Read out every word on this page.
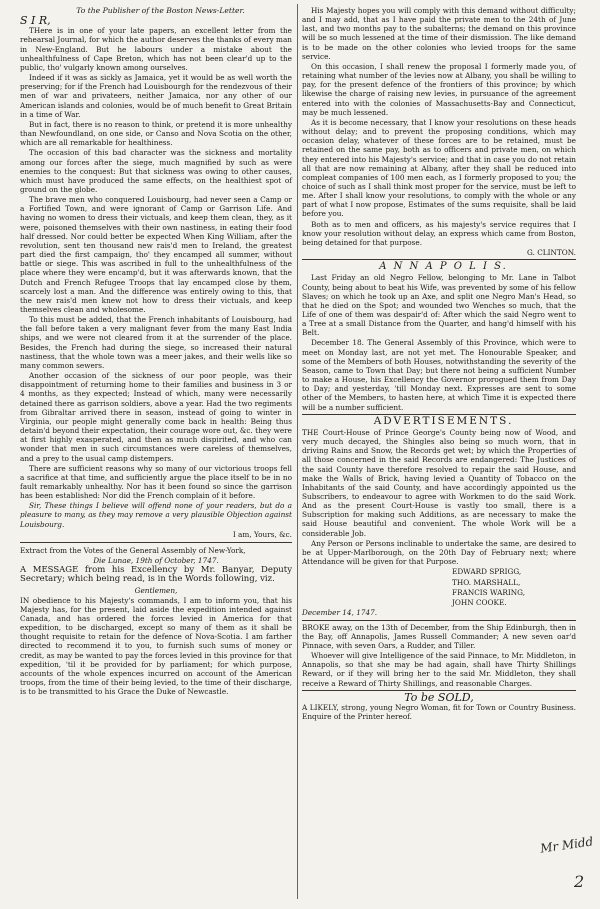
To the Publisher of the Boston News-Letter.

S I R,

THere is in one of your late papers, an excellent letter from the rehearsal Journal, for which the author deserves the thanks of every man in New-England. But he labours under a mistake about the unhealthfulness of Cape Breton, which has not been clear'd up to the public, tho' vulgarly known among ourselves.

Indeed if it was as sickly as Jamaica, yet it would be as well worth the preserving; for if the French had Louisbourgh for the rendezvous of their men of war and privateers, neither Jamaica, nor any other of our American islands and colonies, would be of much benefit to Great Britain in a time of War.

But in fact, there is no reason to think, or pretend it is more unhealthy than Newfoundland, on one side, or Canso and Nova Scotia on the other, which are all remarkable for healthiness.

The occasion of this bad character was the sickness and mortality among our forces after the siege, much magnified by such as were enemies to the conquest: But that sickness was owing to other causes, which must have produced the same effects, on the healthiest spot of ground on the globe.

The brave men who conquered Louisbourg, had never seen a Camp or a Fortified Town, and were ignorant of Camp or Garrison Life. And having no women to dress their victuals, and keep them clean, they, as it were, poisoned themselves with their own nastiness, in eating their food half dressed. Nor could better be expected When King William, after the revolution, sent ten thousand new rais'd men to Ireland, the greatest part died the first campaign, tho' they encamped all summer, without battle or siege. This was ascribed in full to the unhealthfulness of the place where they were encamp'd, but it was afterwards known, that the Dutch and French Refugee Troops that lay encamped close by them, scarcely lost a man. And the difference was entirely owing to this, that the new rais'd men knew not how to dress their victuals, and keep themselves clean and wholesome.

To this must be added, that the French inhabitants of Louisbourg, had the fall before taken a very malignant fever from the many East India ships, and we were not cleared from it at the surrender of the place. Besides, the French had during the siege, so increased their natural nastiness, that the whole town was a meer jakes, and their wells like so many common sewers.

Another occasion of the sickness of our poor people, was their disappointment of returning home to their families and business in 3 or 4 months, as they expected; Instead of which, many were necessarily detained there as garrison soldiers, above a year. Had the two regiments from Gibraltar arrived there in season, instead of going to winter in Virginia, our people might generally come back in health: Being thus detain'd beyond their expectation, their courage wore out, &c. they were at first highly exasperated, and then as much dispirited, and who can wonder that men in such circumstances were careless of themselves, and a prey to the usual camp distempers.

There are sufficient reasons why so many of our victorious troops fell a sacrifice at that time, and sufficiently argue the place itself to be in no fault remarkably unhealthy. Nor has it been found so since the garrison has been established: Nor did the French complain of it before.

Sir, These things I believe will offend none of your readers, but do a pleasure to many, as they may remove a very plausible Objection against Louisbourg.

I am, Yours, &c.

Extract from the Votes of the General Assembly of New-York,

Die Lunae, 19th of October, 1747.

A MESSAGE from his Excellency by Mr. Banyar, Deputy Secretary; which being read, is in the Words following, viz.

Gentlemen,

IN obedience to his Majesty's commands, I am to inform you, that his Majesty has, for the present, laid aside the expedition intended against Canada, and has ordered the forces levied in America for that expedition, to be discharged, except so many of them as it shall be thought requisite to retain for the defence of Nova-Scotia. I am farther directed to recommend it to you, to furnish such sums of money or credit, as may be wanted to pay the forces levied in this province for that expedition, 'til it be provided for by parliament; for which purpose, accounts of the whole expences incurred on account of the American troops, from the time of their being levied, to the time of their discharge, is to be transmitted to his Grace the Duke of Newcastle.

His Majesty hopes you will comply with this demand without difficulty; and I may add, that as I have paid the private men to the 24th of June last, and two months pay to the subalterns; the demand on this province will be so much lessened at the time of their dismission. The like demand is to be made on the other colonies who levied troops for the same service.

On this occasion, I shall renew the proposal I formerly made you, of retaining what number of the levies now at Albany, you shall be willing to pay, for the present defence of the frontiers of this province; by which likewise the charge of raising new levies, in pursuance of the agreement entered into with the colonies of Massachusetts-Bay and Connecticut, may be much lessened.

As it is become necessary, that I know your resolutions on these heads without delay; and to prevent the proposing conditions, which may occasion delay, whatever of these forces are to be retained, must be retained on the same pay, both as to officers and private men, on which they entered into his Majesty's service; and that in case you do not retain all that are now remaining at Albany, after they shall be reduced into compleat companies of 100 men each, as I formerly proposed to you; the choice of such as I shall think most proper for the service, must be left to me. After I shall know your resolutions, to comply with the whole or any part of what I now propose, Estimates of the sums requisite, shall be laid before you.

Both as to men and officers, as his majesty's service requires that I know your resolution without delay, an express which came from Boston, being detained for that purpose.

G. CLINTON.

A N N A P O L I S.

Last Friday an old Negro Fellow, belonging to Mr. Lane in Talbot County, being about to beat his Wife, was prevented by some of his fellow Slaves; on which he took up an Axe, and split one Negro Man's Head, so that he died on the Spot; and wounded two Wenches so much, that the Life of one of them was despair'd of: After which the said Negro went to a Tree at a small Distance from the Quarter, and hang'd himself with his Belt.

December 18. The General Assembly of this Province, which were to meet on Monday last, are not yet met. The Honourable Speaker, and some of the Members of both Houses, notwithstanding the severity of the Season, came to Town that Day; but there not being a sufficient Number to make a House, his Excellency the Governor prorogued them from Day to Day; and yesterday, 'till Monday next. Expresses are sent to some other of the Members, to hasten here, at which Time it is expected there will be a number sufficient.

ADVERTISEMENTS.

THE Court-House of Prince George's County being now of Wood, and very much decayed, the Shingles also being so much worn, that in driving Rains and Snow, the Records get wet; by which the Properties of all those concerned in the said Records are endangered: The Justices of the said County have therefore resolved to repair the said House, and make the Walls of Brick, having levied a Quantity of Tobacco on the Inhabitants of the said County, and have accordingly appointed us the Subscribers, to endeavour to agree with Workmen to do the said Work. And as the present Court-House is vastly too small, there is a Subscription for making such Additions, as are necessary to make the said House beautiful and convenient. The whole Work will be a considerable Job.

Any Person or Persons inclinable to undertake the same, are desired to be at Upper-Marlborough, on the 20th Day of February next; where Attendance will be given for that Purpose.

EDWARD SPRIGG,

THO. MARSHALL,

FRANCIS WARING,

JOHN COOKE.

December 14, 1747.

BROKE away, on the 13th of December, from the Ship Edinburgh, then in the Bay, off Annapolis, James Russell Commander; A new seven oar'd Pinnace, with seven Oars, a Rudder, and Tiller.

Whoever will give Intelligence of the said Pinnace, to Mr. Middleton, in Annapolis, so that she may be had again, shall have Thirty Shillings Reward, or if they will bring her to the said Mr. Middleton, they shall receive a Reward of Thirty Shillings, and reasonable Charges.

To be SOLD,

A LIKELY, strong, young Negro Woman, fit for Town or Country Business. Enquire of the Printer hereof.

Mr Midd
2
